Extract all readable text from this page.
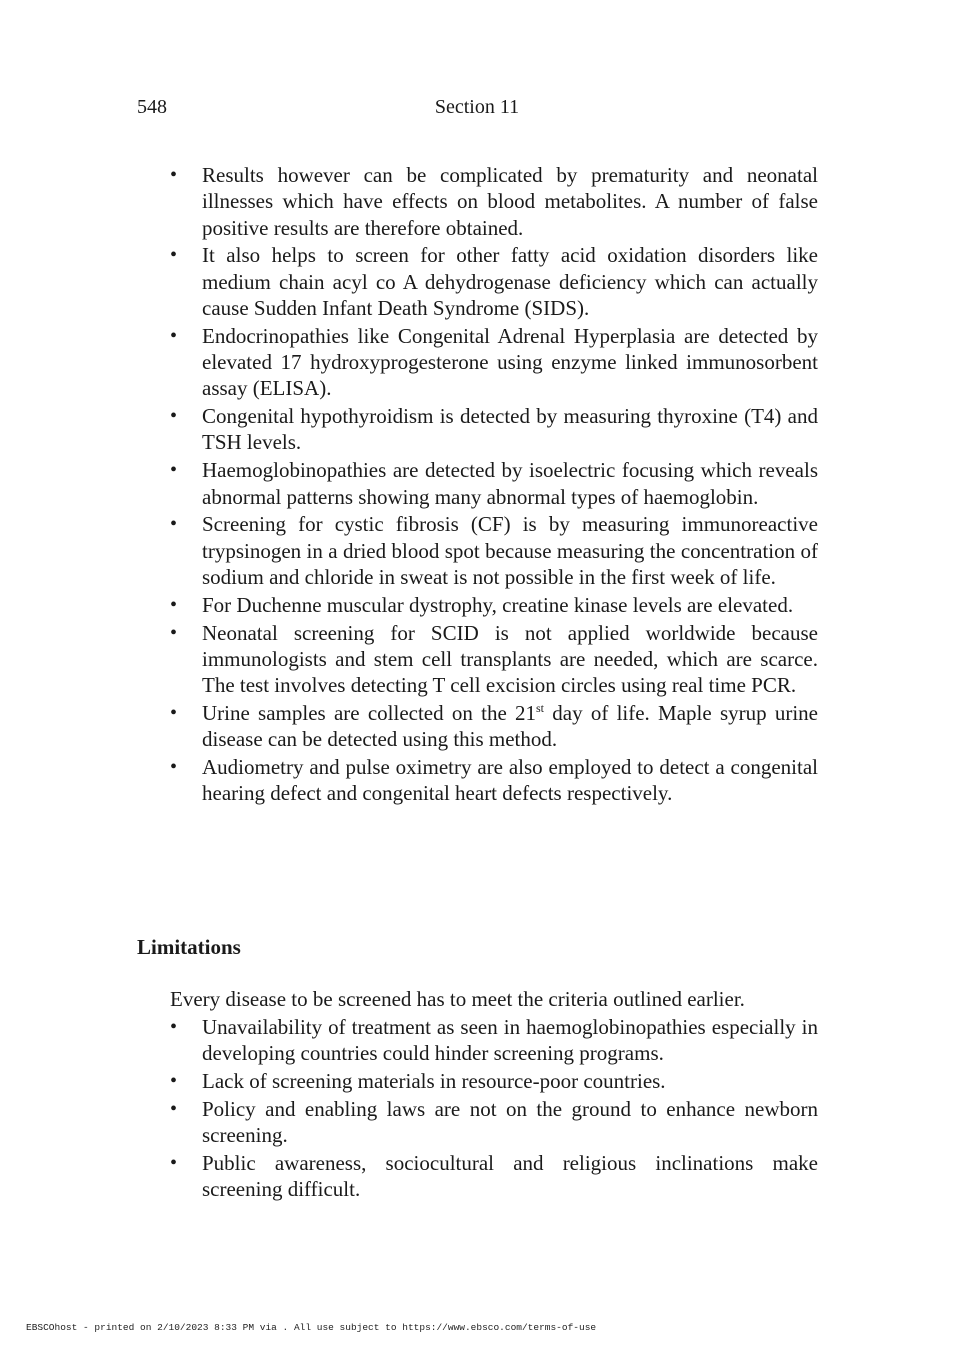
548	Section 11
• Results however can be complicated by prematurity and neonatal illnesses which have effects on blood metabolites. A number of false positive results are therefore obtained.
• It also helps to screen for other fatty acid oxidation disorders like medium chain acyl co A dehydrogenase deficiency which can actually cause Sudden Infant Death Syndrome (SIDS).
• Endocrinopathies like Congenital Adrenal Hyperplasia are detected by elevated 17 hydroxyprogesterone using enzyme linked immunosorbent assay (ELISA).
• Congenital hypothyroidism is detected by measuring thyroxine (T4) and TSH levels.
• Haemoglobinopathies are detected by isoelectric focusing which reveals abnormal patterns showing many abnormal types of haemoglobin.
• Screening for cystic fibrosis (CF) is by measuring immunoreactive trypsinogen in a dried blood spot because measuring the concentration of sodium and chloride in sweat is not possible in the first week of life.
• For Duchenne muscular dystrophy, creatine kinase levels are elevated.
• Neonatal screening for SCID is not applied worldwide because immunologists and stem cell transplants are needed, which are scarce. The test involves detecting T cell excision circles using real time PCR.
• Urine samples are collected on the 21st day of life. Maple syrup urine disease can be detected using this method.
• Audiometry and pulse oximetry are also employed to detect a congenital hearing defect and congenital heart defects respectively.
Limitations
Every disease to be screened has to meet the criteria outlined earlier.
• Unavailability of treatment as seen in haemoglobinopathies especially in developing countries could hinder screening programs.
• Lack of screening materials in resource-poor countries.
• Policy and enabling laws are not on the ground to enhance newborn screening.
• Public awareness, sociocultural and religious inclinations make screening difficult.
EBSCOhost - printed on 2/10/2023 8:33 PM via . All use subject to https://www.ebsco.com/terms-of-use
